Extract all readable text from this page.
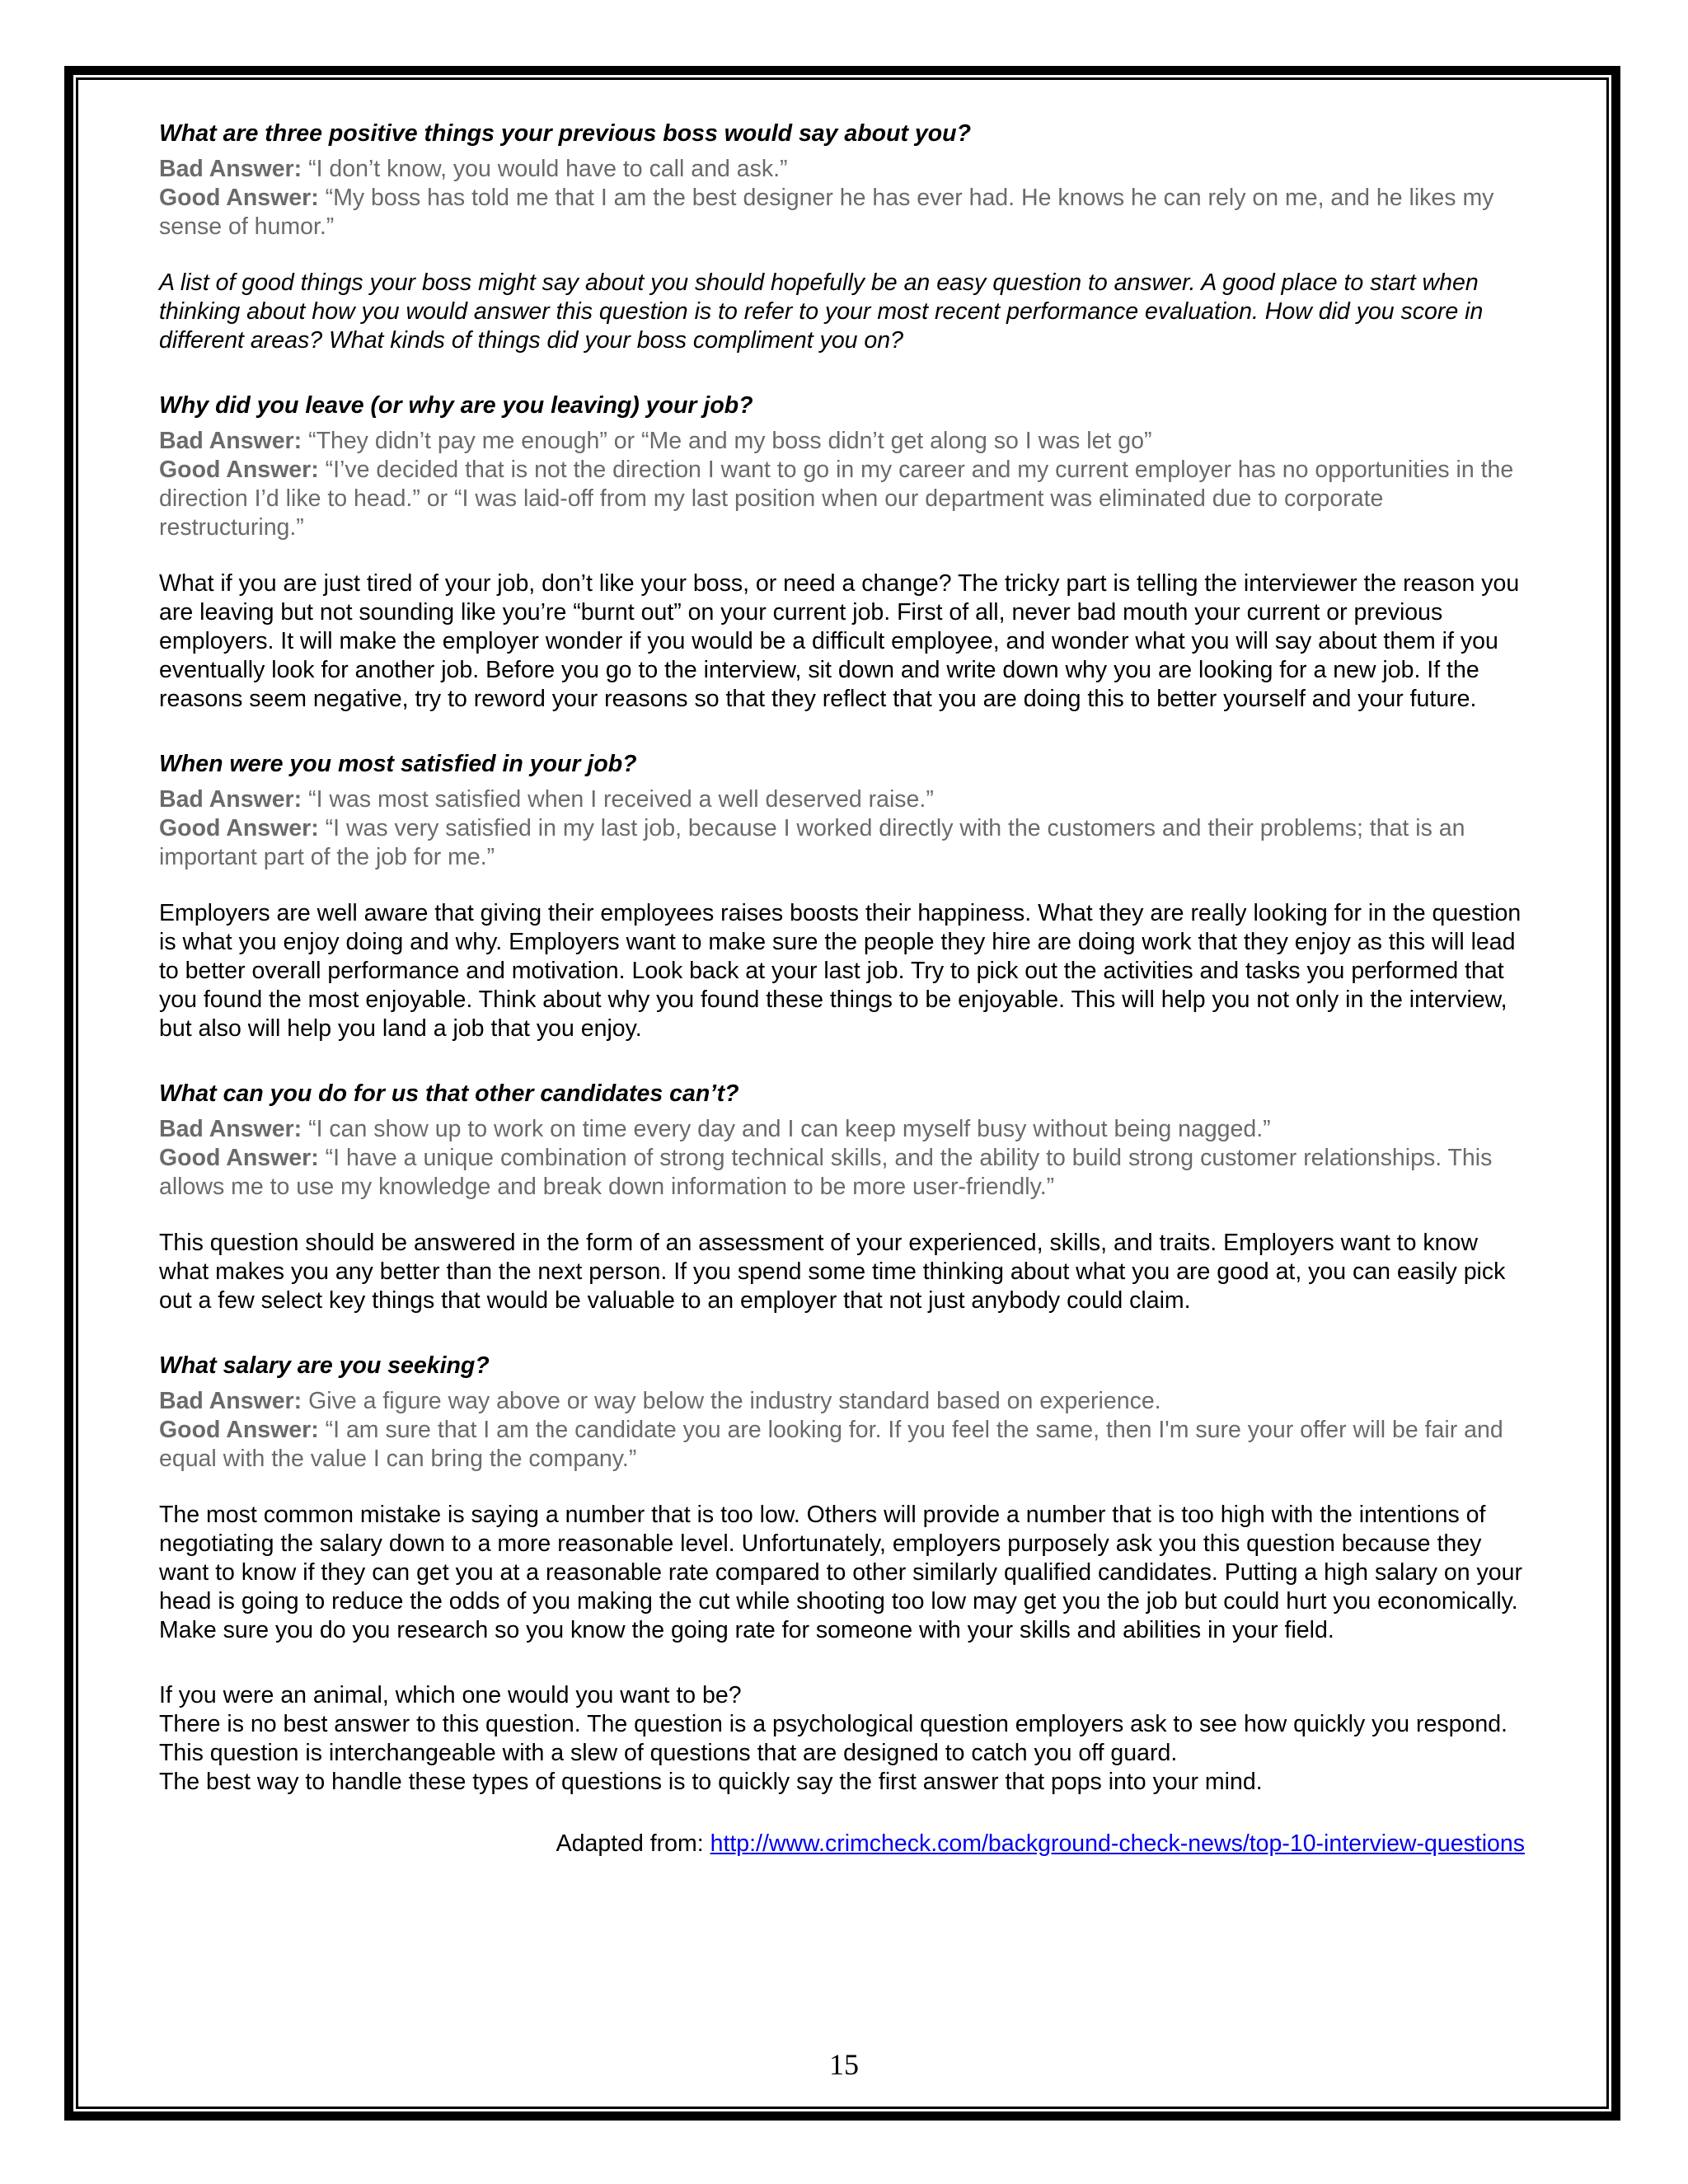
What are three positive things your previous boss would say about you?

Bad Answer: “I don’t know, you would have to call and ask.”

Good Answer: “My boss has told me that I am the best designer he has ever had. He knows he can rely on me, and he likes my sense of humor.”

A list of good things your boss might say about you should hopefully be an easy question to answer. A good place to start when thinking about how you would answer this question is to refer to your most recent performance evaluation. How did you score in different areas? What kinds of things did your boss compliment you on?

Why did you leave (or why are you leaving) your job?

Bad Answer: “They didn’t pay me enough” or “Me and my boss didn’t get along so I was let go”

Good Answer: “I’ve decided that is not the direction I want to go in my career and my current employer has no opportunities in the direction I’d like to head.” or “I was laid-off from my last position when our department was eliminated due to corporate restructuring.”

What if you are just tired of your job, don’t like your boss, or need a change? The tricky part is telling the interviewer the reason you are leaving but not sounding like you’re “burnt out” on your current job. First of all, never bad mouth your current or previous employers. It will make the employer wonder if you would be a difficult employee, and wonder what you will say about them if you eventually look for another job. Before you go to the interview, sit down and write down why you are looking for a new job. If the reasons seem negative, try to reword your reasons so that they reflect that you are doing this to better yourself and your future.

When were you most satisfied in your job?

Bad Answer: “I was most satisfied when I received a well deserved raise.”

Good Answer: “I was very satisfied in my last job, because I worked directly with the customers and their problems; that is an important part of the job for me.”

Employers are well aware that giving their employees raises boosts their happiness. What they are really looking for in the question is what you enjoy doing and why. Employers want to make sure the people they hire are doing work that they enjoy as this will lead to better overall performance and motivation. Look back at your last job. Try to pick out the activities and tasks you performed that you found the most enjoyable. Think about why you found these things to be enjoyable. This will help you not only in the interview, but also will help you land a job that you enjoy.

What can you do for us that other candidates can’t?

Bad Answer: “I can show up to work on time every day and I can keep myself busy without being nagged.”

Good Answer: “I have a unique combination of strong technical skills, and the ability to build strong customer relationships. This allows me to use my knowledge and break down information to be more user-friendly.”

This question should be answered in the form of an assessment of your experienced, skills, and traits. Employers want to know what makes you any better than the next person. If you spend some time thinking about what you are good at, you can easily pick out a few select key things that would be valuable to an employer that not just anybody could claim.

What salary are you seeking?

Bad Answer: Give a figure way above or way below the industry standard based on experience.

Good Answer: “I am sure that I am the candidate you are looking for. If you feel the same, then I'm sure your offer will be fair and equal with the value I can bring the company.”

The most common mistake is saying a number that is too low. Others will provide a number that is too high with the intentions of negotiating the salary down to a more reasonable level. Unfortunately, employers purposely ask you this question because they want to know if they can get you at a reasonable rate compared to other similarly qualified candidates. Putting a high salary on your head is going to reduce the odds of you making the cut while shooting too low may get you the job but could hurt you economically. Make sure you do you research so you know the going rate for someone with your skills and abilities in your field.

If you were an animal, which one would you want to be?

There is no best answer to this question. The question is a psychological question employers ask to see how quickly you respond. This question is interchangeable with a slew of questions that are designed to catch you off guard.

The best way to handle these types of questions is to quickly say the first answer that pops into your mind.

Adapted from: http://www.crimcheck.com/background-check-news/top-10-interview-questions

15
